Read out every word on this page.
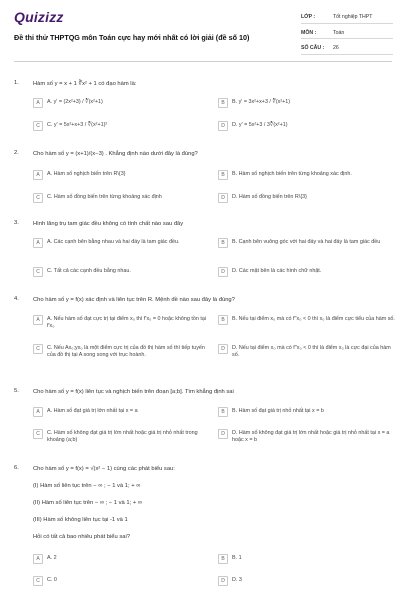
Quizizz
Đề thi thử THPTQG môn Toán cực hay mới nhất có lời giải (đề số 10)
LỚP :	Tốt nghiệp THPT
MÔN :	Toán
SỐ CÂU :	26
1.	Hàm số y = x + 1 ∛x² + 1 có đạo hàm là:
A	A. y' = (2x²+3) / ∛(x²+1)	B	B. y' = 3x²+x+3 / ∛(x²+1)
C	C. y' = 5x²+x+3 / ∛(x²+1)²	D	D. y' = 5x²+3 / 3∛(x²+1)
2.	Cho hàm số y = (x+1)/(x−3) . Khẳng định nào dưới đây là đúng?
A	A. Hàm số nghịch biến trên R\{3}	B	B. Hàm số nghịch biến trên từng khoảng xác định.
C	C. Hàm số đồng biến trên từng khoảng xác định	D	D. Hàm số đồng biến trên R\{3}
3.	Hình lăng trụ tam giác đều không có tính chất nào sau đây
A	A. Các cạnh bên bằng nhau và hai đáy là tam giác đều.	B	B. Cạnh bên vuông góc với hai đáy và hai đáy là tam giác đều
C	C. Tất cả các cạnh đều bằng nhau.	D	D. Các mặt bên là các hình chữ nhật.
4.	Cho hàm số y = f(x) xác định và liên tục trên R. Mệnh đề nào sau đây là đúng?
A	A. Nếu hàm số đạt cực trị tại điểm x₀ thì f'x₀ = 0 hoặc không tồn tại f'x₀
B	B. Nếu tại điểm x₀ mà có f''x₀ < 0 thì x₀ là điểm cực tiểu của hàm số.
C	C. Nếu Ax₀;yx₀ là một điểm cực trị của đồ thị hàm số thì tiếp tuyến của đồ thị tại A song song với trục hoành.
D	D. Nếu tại điểm x₀ mà có f''x₀ < 0 thì là điểm x₀ là cực đại của hàm số.
5.	Cho hàm số y = f(x) liên tục và nghịch biến trên đoạn [a;b]. Tìm khẳng định sai
A	A. Hàm số đạt giá trị lớn nhất tại x = a	B	B. Hàm số đạt giá trị nhỏ nhất tại x = b
C	C. Hàm số không đạt giá trị lớn nhất hoặc giá trị nhỏ nhất trong khoảng (a;b)
D	D. Hàm số không đạt giá trị lớn nhất hoặc giá trị nhỏ nhất tại x = a hoặc x = b
6.	Cho hàm số y = f(x) = √(x² − 1) cùng các phát biểu sau:
(I) Hàm số liên tục trên − ∞ ; − 1 và 1; + ∞
(II) Hàm số liên tục trên − ∞ ; − 1 và 1; + ∞
(III) Hàm số không liên tục tại -1 và 1
Hỏi có tất cả bao nhiêu phát biểu sai?
A	A. 2	B	B. 1
C	C. 0	D	D. 3
